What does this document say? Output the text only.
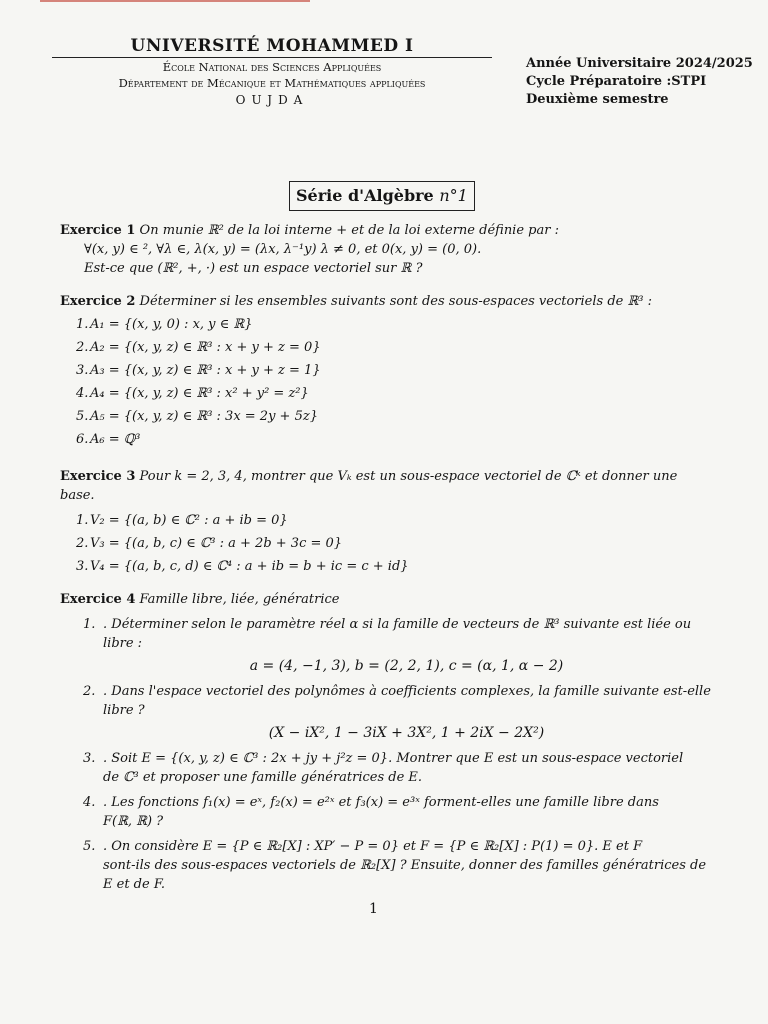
UNIVERSITÉ MOHAMMED I
École National des Sciences Appliquées
Département de Mécanique et Mathématiques appliquées
OUJDA
Année Universitaire 2024/2025
Cycle Préparatoire :STPI
Deuxième semestre
Série d'Algèbre n°1
Exercice 1 On munie ℝ² de la loi interne + et de la loi externe définie par :
∀(x, y) ∈ ², ∀λ ∈, λ(x, y) = (λx, λ⁻¹y) λ ≠ 0, et 0(x, y) = (0, 0).
Est-ce que (ℝ², +, ·) est un espace vectoriel sur ℝ ?
Exercice 2 Déterminer si les ensembles suivants sont des sous-espaces vectoriels de ℝ³ :
1. A₁ = {(x, y, 0) : x, y ∈ ℝ}
2. A₂ = {(x, y, z) ∈ ℝ³ : x + y + z = 0}
3. A₃ = {(x, y, z) ∈ ℝ³ : x + y + z = 1}
4. A₄ = {(x, y, z) ∈ ℝ³ : x² + y² = z²}
5. A₅ = {(x, y, z) ∈ ℝ³ : 3x = 2y + 5z}
6. A₆ = ℚ³
Exercice 3 Pour k = 2, 3, 4, montrer que Vₖ est un sous-espace vectoriel de ℂᵏ et donner une
base.
1. V₂ = {(a, b) ∈ ℂ² : a + ib = 0}
2. V₃ = {(a, b, c) ∈ ℂ³ : a + 2b + 3c = 0}
3. V₄ = {(a, b, c, d) ∈ ℂ⁴ : a + ib = b + ic = c + id}
Exercice 4 Famille libre, liée, génératrice
1. . Déterminer selon le paramètre réel α si la famille de vecteurs de ℝ³ suivante est liée ou
libre :
a = (4, −1, 3), b = (2, 2, 1), c = (α, 1, α − 2)
2. . Dans l'espace vectoriel des polynômes à coefficients complexes, la famille suivante est-elle
libre ?
(X − iX², 1 − 3iX + 3X², 1 + 2iX − 2X²)
3. . Soit E = {(x, y, z) ∈ ℂ³ : 2x + jy + j²z = 0}. Montrer que E est un sous-espace vectoriel
de ℂ³ et proposer une famille génératrices de E.
4. . Les fonctions f₁(x) = eˣ, f₂(x) = e²ˣ et f₃(x) = e³ˣ forment-elles une famille libre dans
F(ℝ, ℝ) ?
5. . On considère E = {P ∈ ℝ₂[X] : XP′ − P = 0} et F = {P ∈ ℝ₂[X] : P(1) = 0}. E et F
sont-ils des sous-espaces vectoriels de ℝ₂[X] ? Ensuite, donner des familles génératrices de
E et de F.
1
